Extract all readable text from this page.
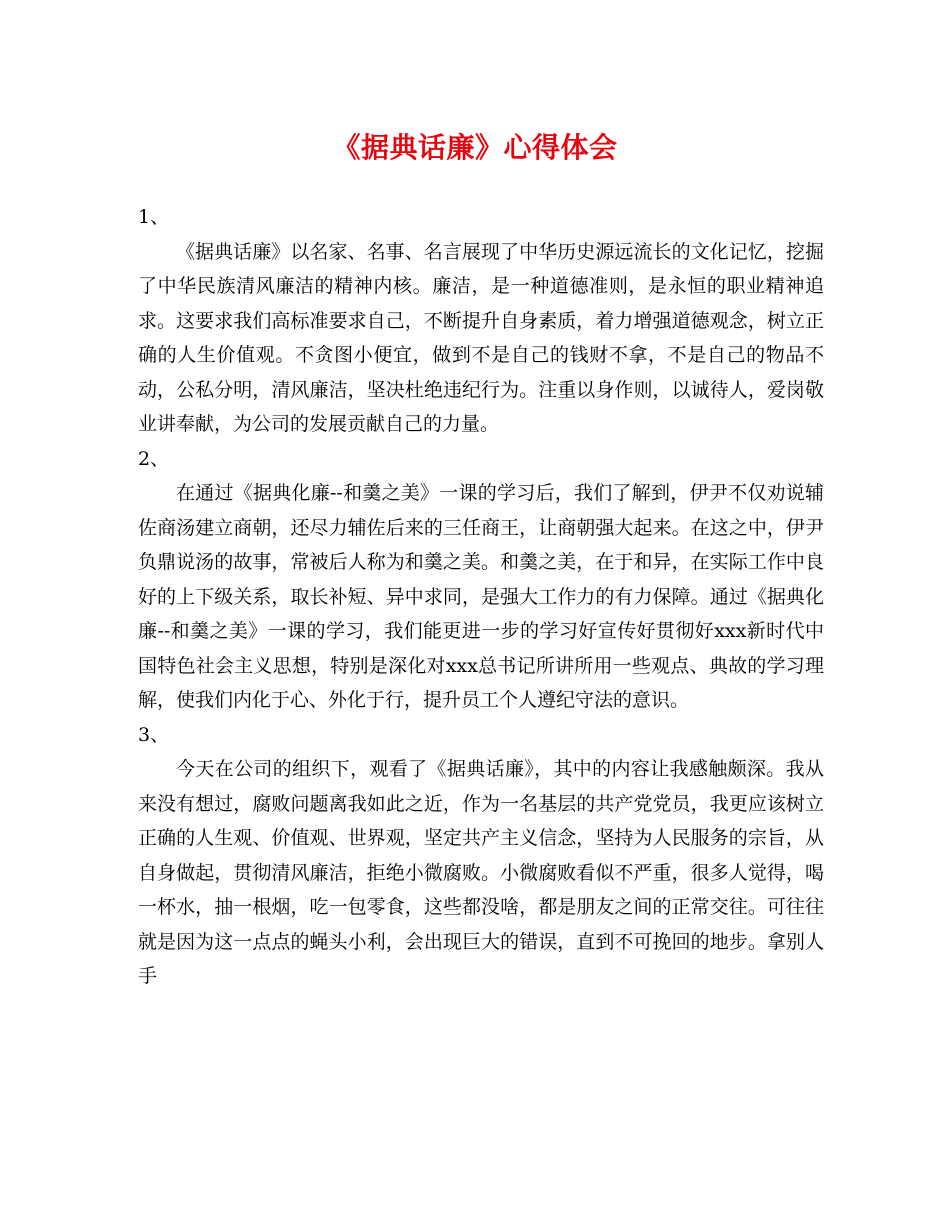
《据典话廉》心得体会

1、

《据典话廉》以名家、名事、名言展现了中华历史源远流长的文化记忆，挖掘了中华民族清风廉洁的精神内核。廉洁，是一种道德准则，是永恒的职业精神追求。这要求我们高标准要求自己，不断提升自身素质，着力增强道德观念，树立正确的人生价值观。不贪图小便宜，做到不是自己的钱财不拿，不是自己的物品不动，公私分明，清风廉洁，坚决杜绝违纪行为。注重以身作则，以诚待人，爱岗敬业讲奉献，为公司的发展贡献自己的力量。

2、

在通过《据典化廉--和羹之美》一课的学习后，我们了解到，伊尹不仅劝说辅佐商汤建立商朝，还尽力辅佐后来的三任商王，让商朝强大起来。在这之中，伊尹负鼎说汤的故事，常被后人称为和羹之美。和羹之美，在于和异，在实际工作中良好的上下级关系，取长补短、异中求同，是强大工作力的有力保障。通过《据典化廉--和羹之美》一课的学习，我们能更进一步的学习好宣传好贯彻好xxx新时代中国特色社会主义思想，特别是深化对xxx总书记所讲所用一些观点、典故的学习理解，使我们内化于心、外化于行，提升员工个人遵纪守法的意识。

3、

今天在公司的组织下，观看了《据典话廉》，其中的内容让我感触颇深。我从来没有想过，腐败问题离我如此之近，作为一名基层的共产党党员，我更应该树立正确的人生观、价值观、世界观，坚定共产主义信念，坚持为人民服务的宗旨，从自身做起，贯彻清风廉洁，拒绝小微腐败。小微腐败看似不严重，很多人觉得，喝一杯水，抽一根烟，吃一包零食，这些都没啥，都是朋友之间的正常交往。可往往就是因为这一点点的蝇头小利，会出现巨大的错误，直到不可挽回的地步。拿别人手
